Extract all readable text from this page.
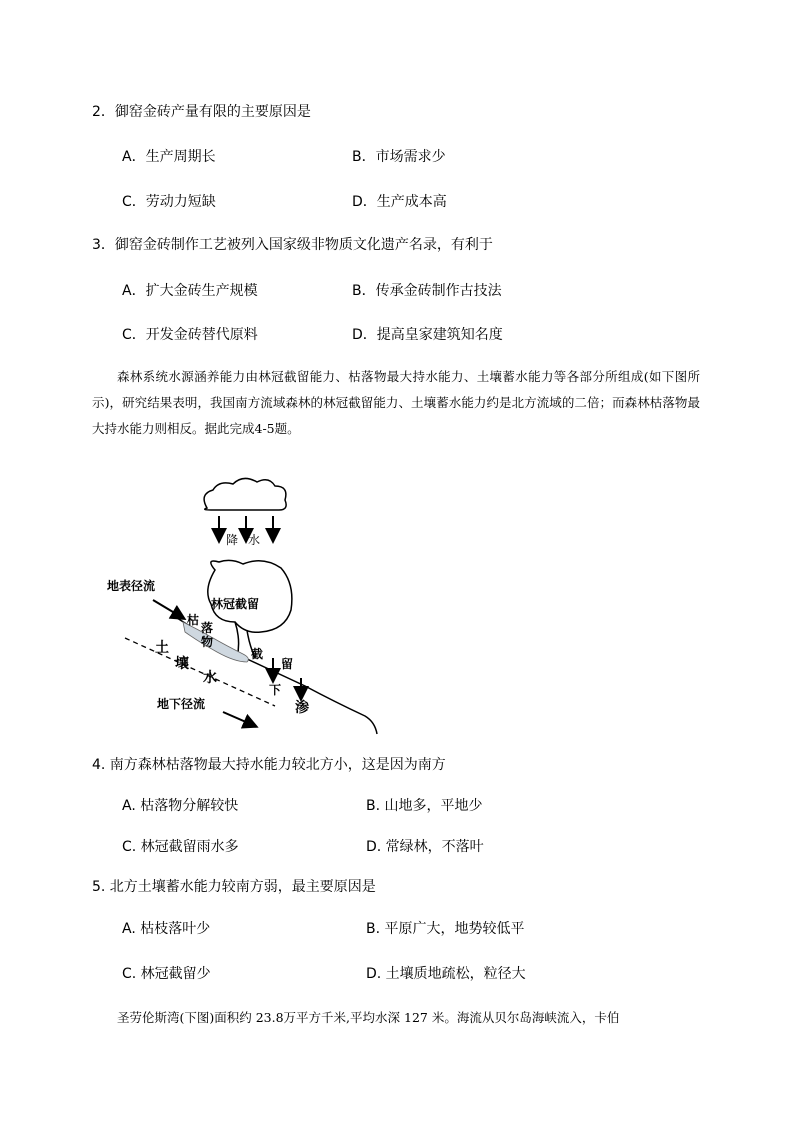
2．御窑金砖产量有限的主要原因是
A．生产周期长	B．市场需求少
C．劳动力短缺	D．生产成本高
3．御窑金砖制作工艺被列入国家级非物质文化遗产名录，有利于
A．扩大金砖生产规模	B．传承金砖制作古技法
C．开发金砖替代原料	D．提高皇家建筑知名度

森林系统水源涵养能力由林冠截留能力、枯落物最大持水能力、土壤蓄水能力等各部分所组成(如下图所示)，研究结果表明，我国南方流域森林的林冠截留能力、土壤蓄水能力约是北方流域的二倍；而森林枯落物最大持水能力则相反。据此完成4-5题。

降 水
林冠截留
地表径流
枯
落
物
土
壤
水
截
留
下
渗
地下径流
4. 南方森林枯落物最大持水能力较北方小，这是因为南方
A. 枯落物分解较快	B. 山地多，平地少
C. 林冠截留雨水多	D. 常绿林，不落叶
5. 北方土壤蓄水能力较南方弱，最主要原因是
A. 枯枝落叶少	B. 平原广大，地势较低平
C. 林冠截留少	D. 土壤质地疏松，粒径大

圣劳伦斯湾(下图)面积约 23.8万平方千米,平均水深 127 米。海流从贝尔岛海峡流入，卡伯
